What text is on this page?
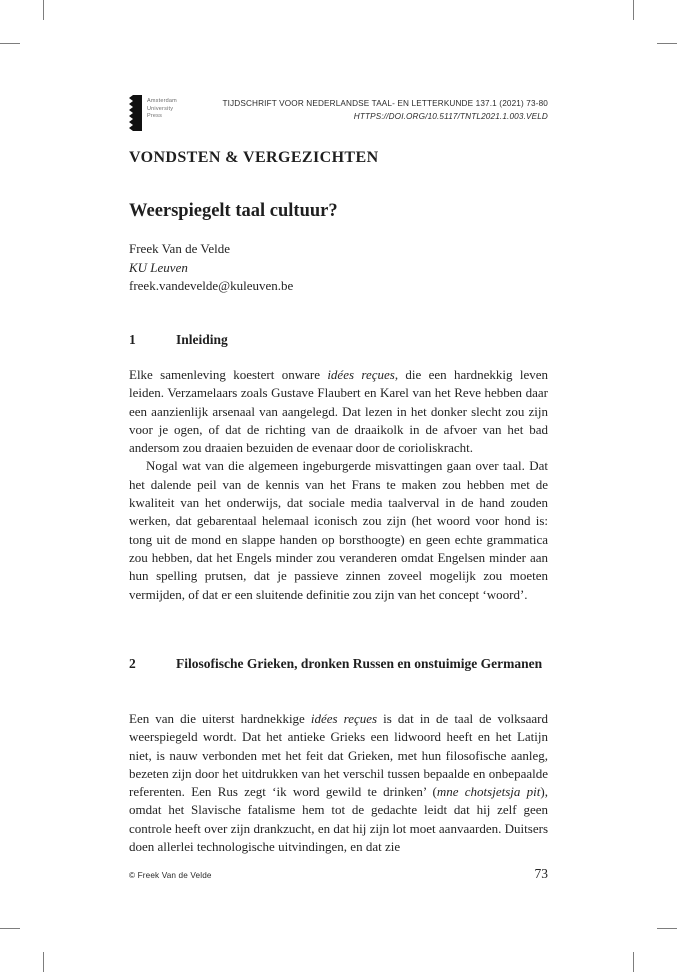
Amsterdam
University
Press
TIJDSCHRIFT VOOR NEDERLANDSE TAAL- EN LETTERKUNDE 137.1 (2021) 73-80
HTTPS://DOI.ORG/10.5117/TNTL2021.1.003.VELD
VONDSTEN & VERGEZICHTEN
Weerspiegelt taal cultuur?
Freek Van de Velde
KU Leuven
freek.vandevelde@kuleuven.be
1	Inleiding

Elke samenleving koestert onware idées reçues, die een hardnekkig leven leiden. Verzamelaars zoals Gustave Flaubert en Karel van het Reve hebben daar een aanzienlijk arsenaal van aangelegd. Dat lezen in het donker slecht zou zijn voor je ogen, of dat de richting van de draaikolk in de afvoer van het bad andersom zou draaien bezuiden de evenaar door de corioliskracht.

Nogal wat van die algemeen ingeburgerde misvattingen gaan over taal. Dat het dalende peil van de kennis van het Frans te maken zou hebben met de kwaliteit van het onderwijs, dat sociale media taalverval in de hand zouden werken, dat gebarentaal helemaal iconisch zou zijn (het woord voor hond is: tong uit de mond en slappe handen op borsthoogte) en geen echte grammatica zou hebben, dat het Engels minder zou veranderen omdat Engelsen minder aan hun spelling prutsen, dat je passieve zinnen zoveel mogelijk zou moeten vermijden, of dat er een sluitende definitie zou zijn van het concept ‘woord’.

2	Filosofische Grieken, dronken Russen en onstuimige Germanen

Een van die uiterst hardnekkige idées reçues is dat in de taal de volksaard weerspiegeld wordt. Dat het antieke Grieks een lidwoord heeft en het Latijn niet, is nauw verbonden met het feit dat Grieken, met hun filosofische aanleg, bezeten zijn door het uitdrukken van het verschil tussen bepaalde en onbepaalde referenten. Een Rus zegt ‘ik word gewild te drinken’ (mne chotsjetsja pit), omdat het Slavische fatalisme hem tot de gedachte leidt dat hij zelf geen controle heeft over zijn drankzucht, en dat hij zijn lot moet aanvaarden. Duitsers doen allerlei technologische uitvindingen, en dat zie

© Freek Van de Velde	73
